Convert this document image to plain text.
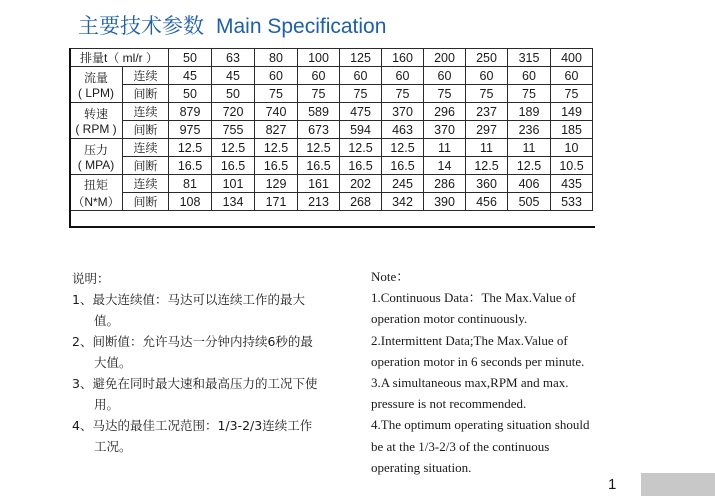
主要技术参数 Main Specification
排量t（ ml/r ）		50	63	80	100	125	160	200	250	315	400

流量
( LPM)	连续	45	45	60	60	60	60	60	60	60	60
	间断	50	50	75	75	75	75	75	75	75	75

转速
( RPM )	连续	879	720	740	589	475	370	296	237	189	149
	间断	975	755	827	673	594	463	370	297	236	185

压力
( MPA)	连续	12.5	12.5	12.5	12.5	12.5	12.5	11	11	11	10
	间断	16.5	16.5	16.5	16.5	16.5	16.5	14	12.5	12.5	10.5

扭矩
（N*M）	连续	81	101	129	161	202	245	286	360	406	435
	间断	108	134	171	213	268	342	390	456	505	533

说明：

1、最大连续值：马达可以连续工作的最大

值。

2、间断值：允许马达一分钟内持续6秒的最

大值。

3、避免在同时最大速和最高压力的工况下使

用。

4、马达的最佳工况范围：1/3-2/3连续工作

工况。

Note：

1.Continuous Data：The Max.Value of

operation motor continuously.

2.Intermittent Data;The Max.Value of

operation motor in 6 seconds per minute.

3.A simultaneous max,RPM and max.

pressure is not recommended.

4.The optimum operating situation should

be at the 1/3-2/3 of the continuous

operating situation.

1
